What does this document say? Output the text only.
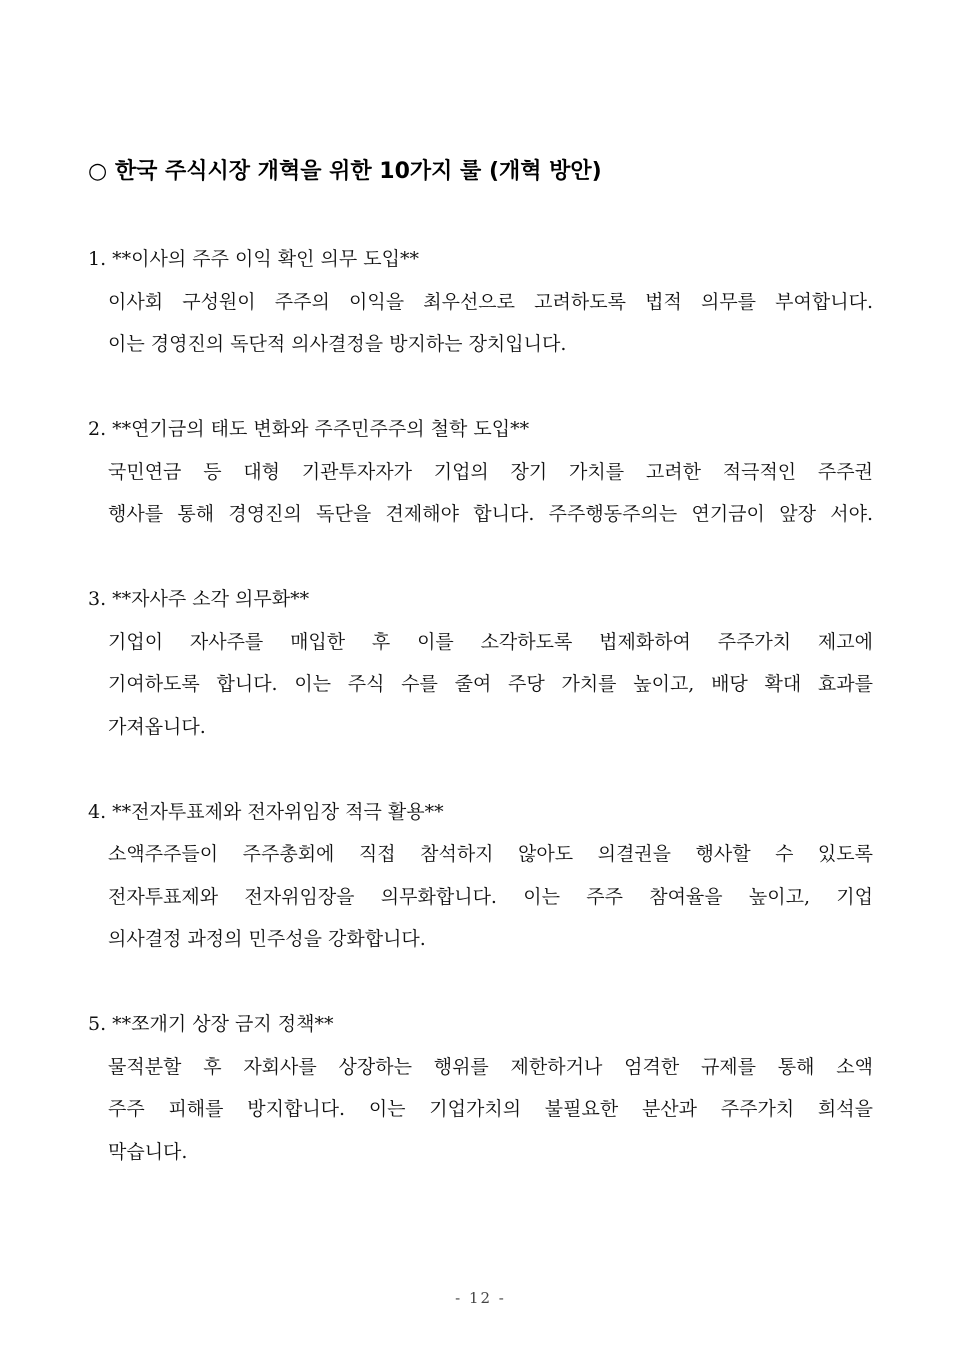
○ 한국 주식시장 개혁을 위한 10가지 룰 (개혁 방안)
1. **이사의 주주 이익 확인 의무 도입**
이사회 구성원이 주주의 이익을 최우선으로 고려하도록 법적 의무를 부여합니다.
이는 경영진의 독단적 의사결정을 방지하는 장치입니다.
2. **연기금의 태도 변화와 주주민주주의 철학 도입**
국민연금 등 대형 기관투자자가 기업의 장기 가치를 고려한 적극적인 주주권
행사를 통해 경영진의 독단을 견제해야 합니다. 주주행동주의는 연기금이 앞장 서야.
3. **자사주 소각 의무화**
기업이 자사주를 매입한 후 이를 소각하도록 법제화하여 주주가치 제고에
기여하도록 합니다. 이는 주식 수를 줄여 주당 가치를 높이고, 배당 확대 효과를
가져옵니다.
4. **전자투표제와 전자위임장 적극 활용**
소액주주들이 주주총회에 직접 참석하지 않아도 의결권을 행사할 수 있도록
전자투표제와 전자위임장을 의무화합니다. 이는 주주 참여율을 높이고, 기업
의사결정 과정의 민주성을 강화합니다.
5. **쪼개기 상장 금지 정책**
물적분할 후 자회사를 상장하는 행위를 제한하거나 엄격한 규제를 통해 소액
주주 피해를 방지합니다. 이는 기업가치의 불필요한 분산과 주주가치 희석을
막습니다.
- 12 -
